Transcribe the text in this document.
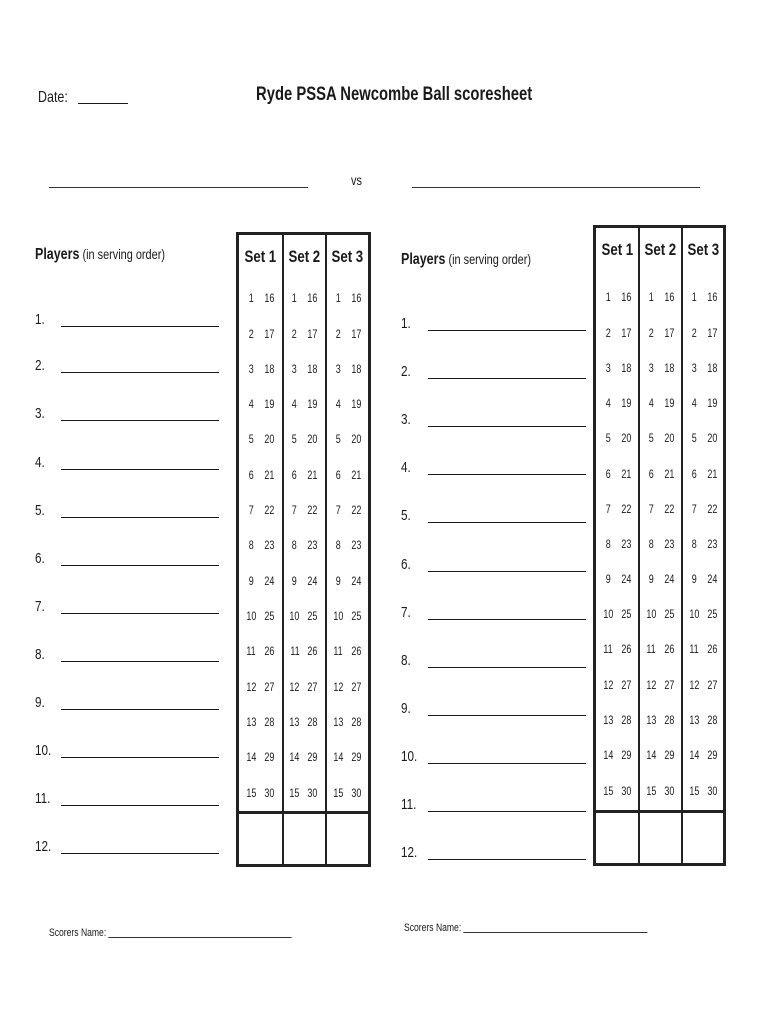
Date:	Ryde PSSA Newcombe Ball scoresheet
vs
Players (in serving order)
1.
2.
3.
4.
5.
6.
7.
8.
9.
10.
11.
12.
Set 1 Set 2 Set 3
1 16
2 17
3 18
4 19
5 20
6 21
7 22
8 23
9 24
10 25
11 26
12 27
13 28
14 29
15 30
1 16
2 17
3 18
4 19
5 20
6 21
7 22
8 23
9 24
10 25
11 26
12 27
13 28
14 29
15 30
1 16
2 17
3 18
4 19
5 20
6 21
7 22
8 23
9 24
10 25
11 26
12 27
13 28
14 29
15 30
Players (in serving order)
1.
2.
3.
4.
5.
6.
7.
8.
9.
10.
11.
12.
Set 1 Set 2 Set 3
1 16
2 17
3 18
4 19
5 20
6 21
7 22
8 23
9 24
10 25
11 26
12 27
13 28
14 29
15 30
1 16
2 17
3 18
4 19
5 20
6 21
7 22
8 23
9 24
10 25
11 26
12 27
13 28
14 29
15 30
1 16
2 17
3 18
4 19
5 20
6 21
7 22
8 23
9 24
10 25
11 26
12 27
13 28
14 29
15 30
Scorers Name:	Scorers Name:
